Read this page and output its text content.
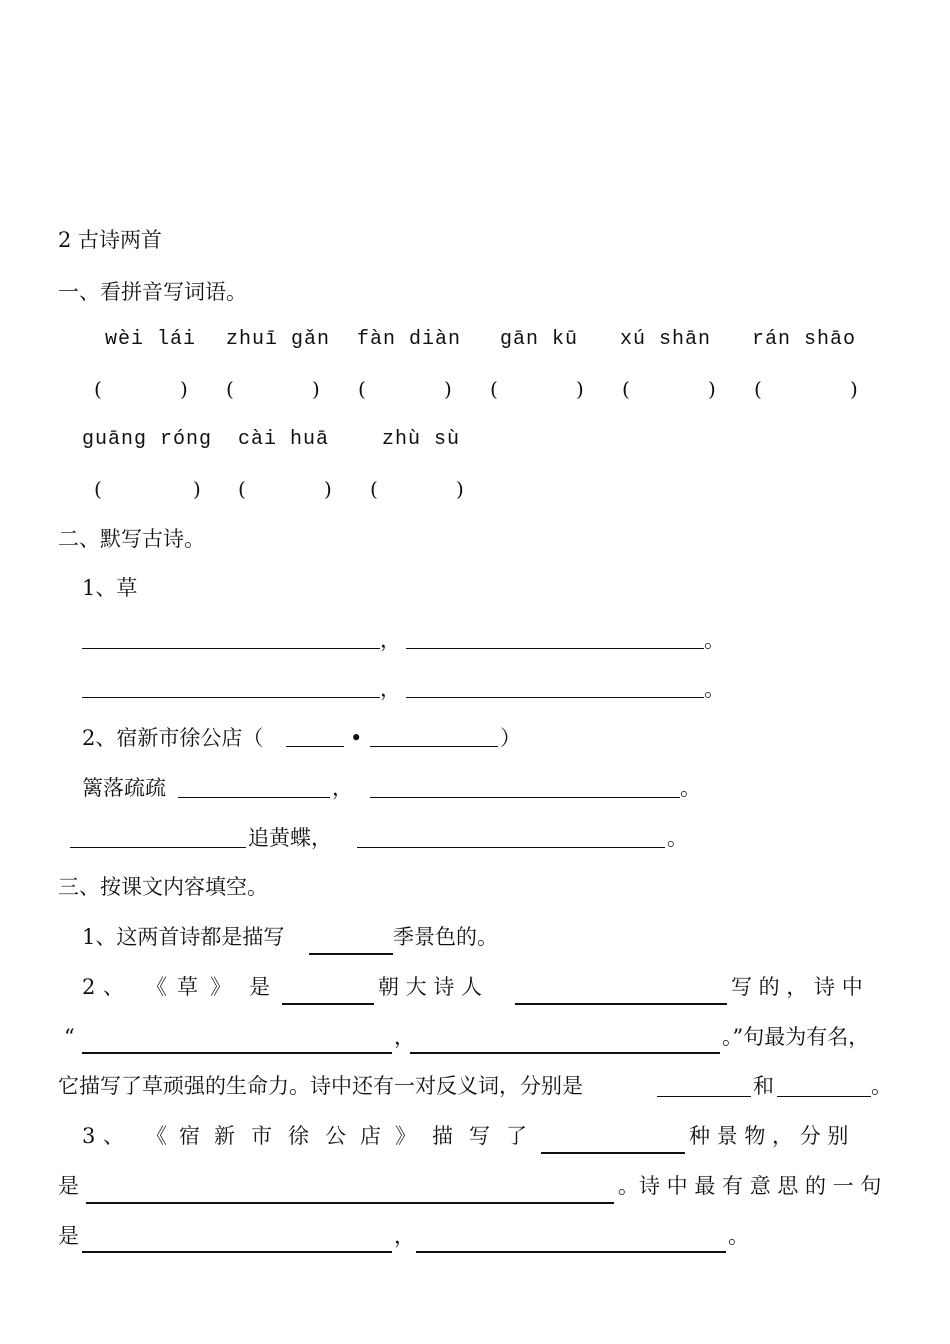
2 古诗两首
一、看拼音写词语。
wèi lái zhuī gǎn fàn diàn gān kū xú shān rán shāo
(	) (	) (	) (	) (	) (	)
guāng róng cài huā	zhù sù
(	) (	) (	)
二、默写古诗。
1、草
，	。
，	。
2、宿新市徐公店（	•	）
篱落疏疏	，	。
追黄蝶，	。
三、按课文内容填空。
1、这两首诗都是描写	季景色的。
2 、 《 草 》 是	朝 大 诗 人	写 的 ， 诗 中
“	，	。”句最为有名，
它描写了草顽强的生命力。诗中还有一对反义词，分别是	和	。
3 、 《 宿 新 市 徐 公 店 》 描 写 了	种 景 物 ， 分 别
是	。诗 中 最 有 意 思 的 一 句
是	，	。
